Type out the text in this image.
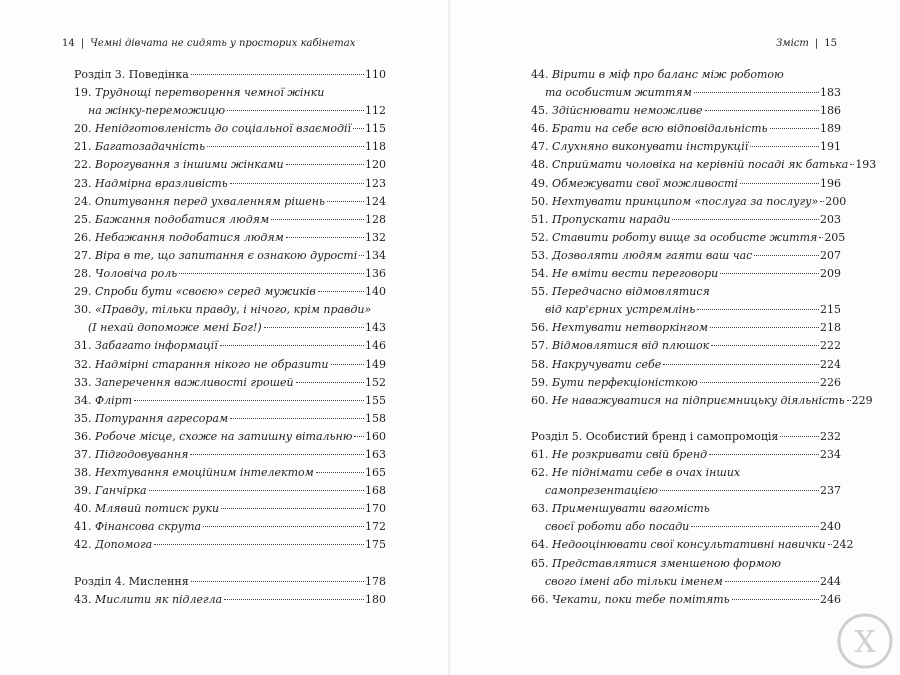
14 | Чемні дівчата не сидять у просторих кабінетах
Розділ 3. Поведінка	110
19. Труднощі перетворення чемної жінки
на жінку-переможицю	112
20. Непідготовленість до соціальної взаємодії 115
21. Багатозадачність	118
22. Ворогування з іншими жінками	120
23. Надмірна вразливість	123
24. Опитування перед ухваленням рішень	124
25. Бажання подобатися людям	128
26. Небажання подобатися людям	132
27. Віра в те, що запитання є ознакою дурості 134
28. Чоловіча роль	136
29. Спроби бути «своєю» серед мужиків	140
30. «Правду, тільки правду, і нічого, крім правди»
(І нехай допоможе мені Бог!)	143
31. Забагато інформації	146
32. Надмірні старання нікого не образити	149
33. Заперечення важливості грошей	152
34. Флірт	155
35. Потурання агресорам	158
36. Робоче місце, схоже на затишну вітальню 160
37. Підгодовування	163
38. Нехтування емоційним інтелектом	165
39. Ганчірка	168
40. Млявий потиск руки	170
41. Фінансова скрута	172
42. Допомога	175
Розділ 4. Мислення	178
43. Мислити як підлегла	180
Зміст | 15
44. Вірити в міф про баланс між роботою
та особистим життям	183
45. Здійснювати неможливе	186
46. Брати на себе всю відповідальність	189
47. Слухняно виконувати інструкції	191
48. Сприймати чоловіка на керівній посаді як батька 193
49. Обмежувати свої можливості	196
50. Нехтувати принципом «послуга за послугу» 200
51. Пропускати наради	203
52. Ставити роботу вище за особисте життя 205
53. Дозволяти людям гаяти ваш час	207
54. Не вміти вести переговори	209
55. Передчасно відмовлятися
від кар'єрних устремлінь	215
56. Нехтувати нетворкінгом	218
57. Відмовлятися від плюшок	222
58. Накручувати себе	224
59. Бути перфекціоністкою	226
60. Не наважуватися на підприємницьку діяльність 229
Розділ 5. Особистий бренд і самопромоція	232
61. Не розкривати свій бренд	234
62. Не піднімати себе в очах інших
самопрезентацією	237
63. Применшувати вагомість
своєї роботи або посади	240
64. Недооцінювати свої консультативні навички 242
65. Представлятися зменшеною формою
свого імені або тільки іменем	244
66. Чекати, поки тебе помітять	246
X
